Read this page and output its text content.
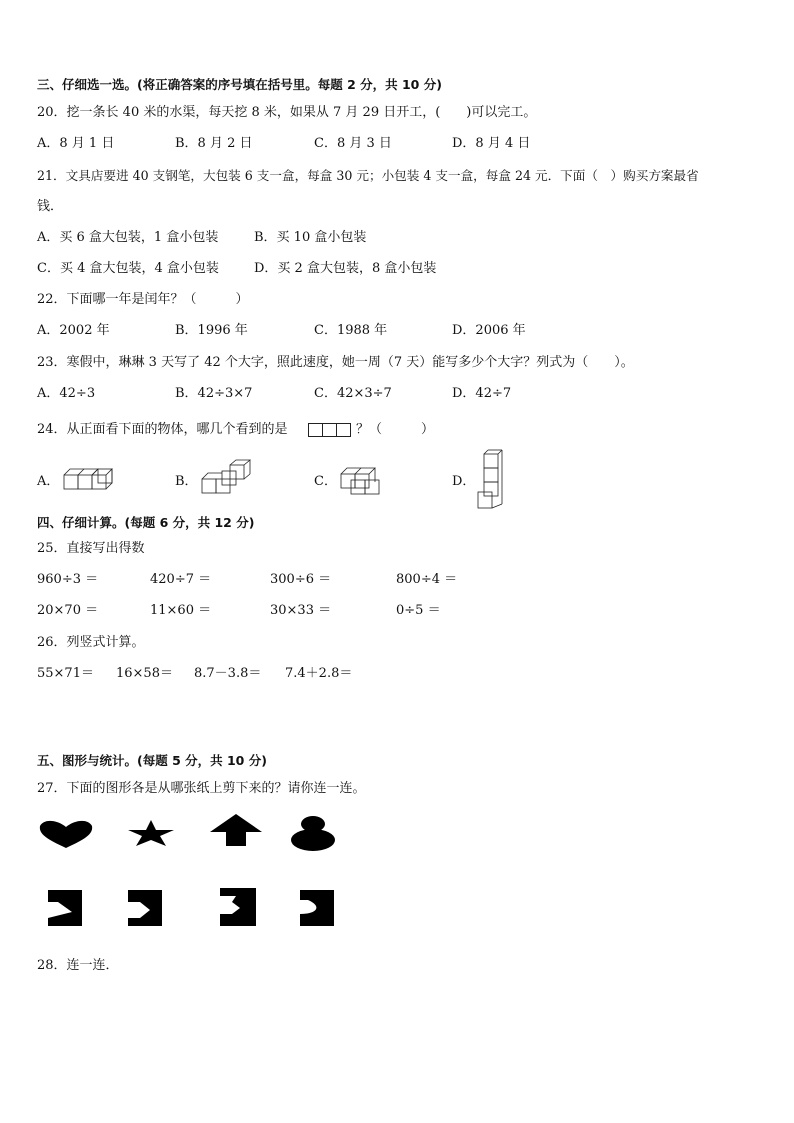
三、仔细选一选。(将正确答案的序号填在括号里。每题 2 分，共 10 分)
20．挖一条长 40 米的水渠，每天挖 8 米，如果从 7 月 29 日开工，(　　)可以完工。
A．8 月 1 日	B．8 月 2 日	C．8 月 3 日	D．8 月 4 日
21．文具店要进 40 支钢笔，大包装 6 支一盒，每盒 30 元；小包装 4 支一盒，每盒 24 元．下面（　）购买方案最省
钱．
A．买 6 盒大包装，1 盒小包装	B．买 10 盒小包装
C．买 4 盒大包装，4 盒小包装	D．买 2 盒大包装，8 盒小包装
22．下面哪一年是闰年？（　　　）
A．2002 年	B．1996 年	C．1988 年	D．2006 年
23．寒假中，琳琳 3 天写了 42 个大字，照此速度，她一周（7 天）能写多少个大字？列式为（　　）。
A．42÷3	B．42÷3×7	C．42×3÷7	D．42÷7
24．从正面看下面的物体，哪几个看到的是	？（　　　）
A．	B．	C．	D．
四、仔细计算。(每题 6 分，共 12 分)
25．直接写出得数
960÷3 ＝	420÷7 ＝	300÷6 ＝	800÷4 ＝
20×70 ＝	11×60 ＝	30×33 ＝	0÷5 ＝
26．列竖式计算。
55×71＝ 16×58＝ 8.7－3.8＝ 7.4＋2.8＝
五、图形与统计。(每题 5 分，共 10 分)
27．下面的图形各是从哪张纸上剪下来的？请你连一连。
28．连一连．
